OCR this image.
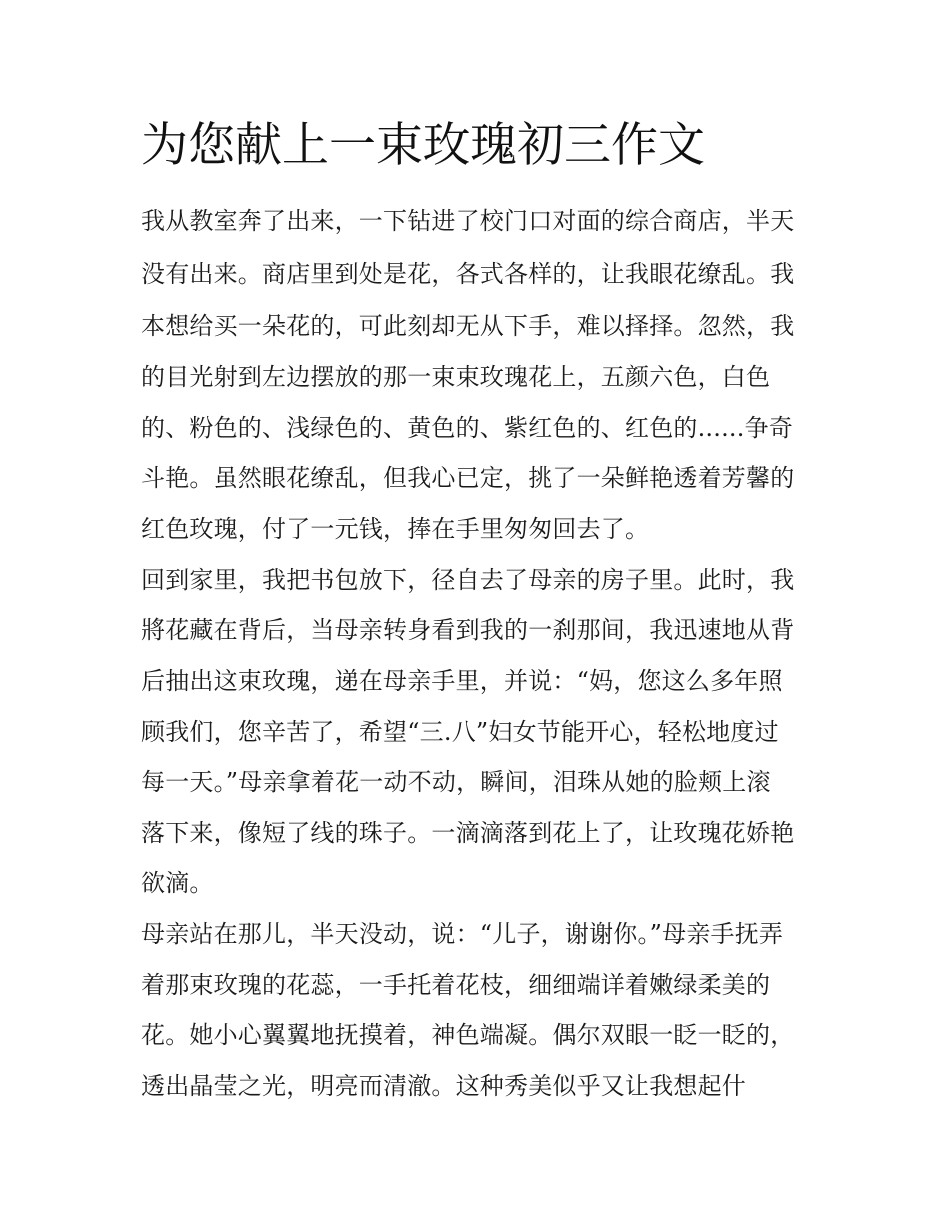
为您献上一束玫瑰初三作文

我从教室奔了出来，一下钻进了校门口对面的综合商店，半天

没有出来。商店里到处是花，各式各样的，让我眼花缭乱。我

本想给买一朵花的，可此刻却无从下手，难以择择。忽然，我

的目光射到左边摆放的那一束束玫瑰花上，五颜六色，白色

的、粉色的、浅绿色的、黄色的、紫红色的、红色的......争奇

斗艳。虽然眼花缭乱，但我心已定，挑了一朵鲜艳透着芳馨的

红色玫瑰，付了一元钱，捧在手里匆匆回去了。

回到家里，我把书包放下，径自去了母亲的房子里。此时，我

將花藏在背后，当母亲转身看到我的一刹那间，我迅速地从背

后抽出这束玫瑰，递在母亲手里，并说：“妈，您这么多年照

顾我们，您辛苦了，希望“三.八”妇女节能开心，轻松地度过

每一天。”母亲拿着花一动不动，瞬间，泪珠从她的脸颊上滚

落下来，像短了线的珠子。一滴滴落到花上了，让玫瑰花娇艳

欲滴。

母亲站在那儿，半天没动，说：“儿子，谢谢你。”母亲手抚弄

着那束玫瑰的花蕊，一手托着花枝，细细端详着嫩绿柔美的

花。她小心翼翼地抚摸着，神色端凝。偶尔双眼一眨一眨的，

透出晶莹之光，明亮而清澈。这种秀美似乎又让我想起什
